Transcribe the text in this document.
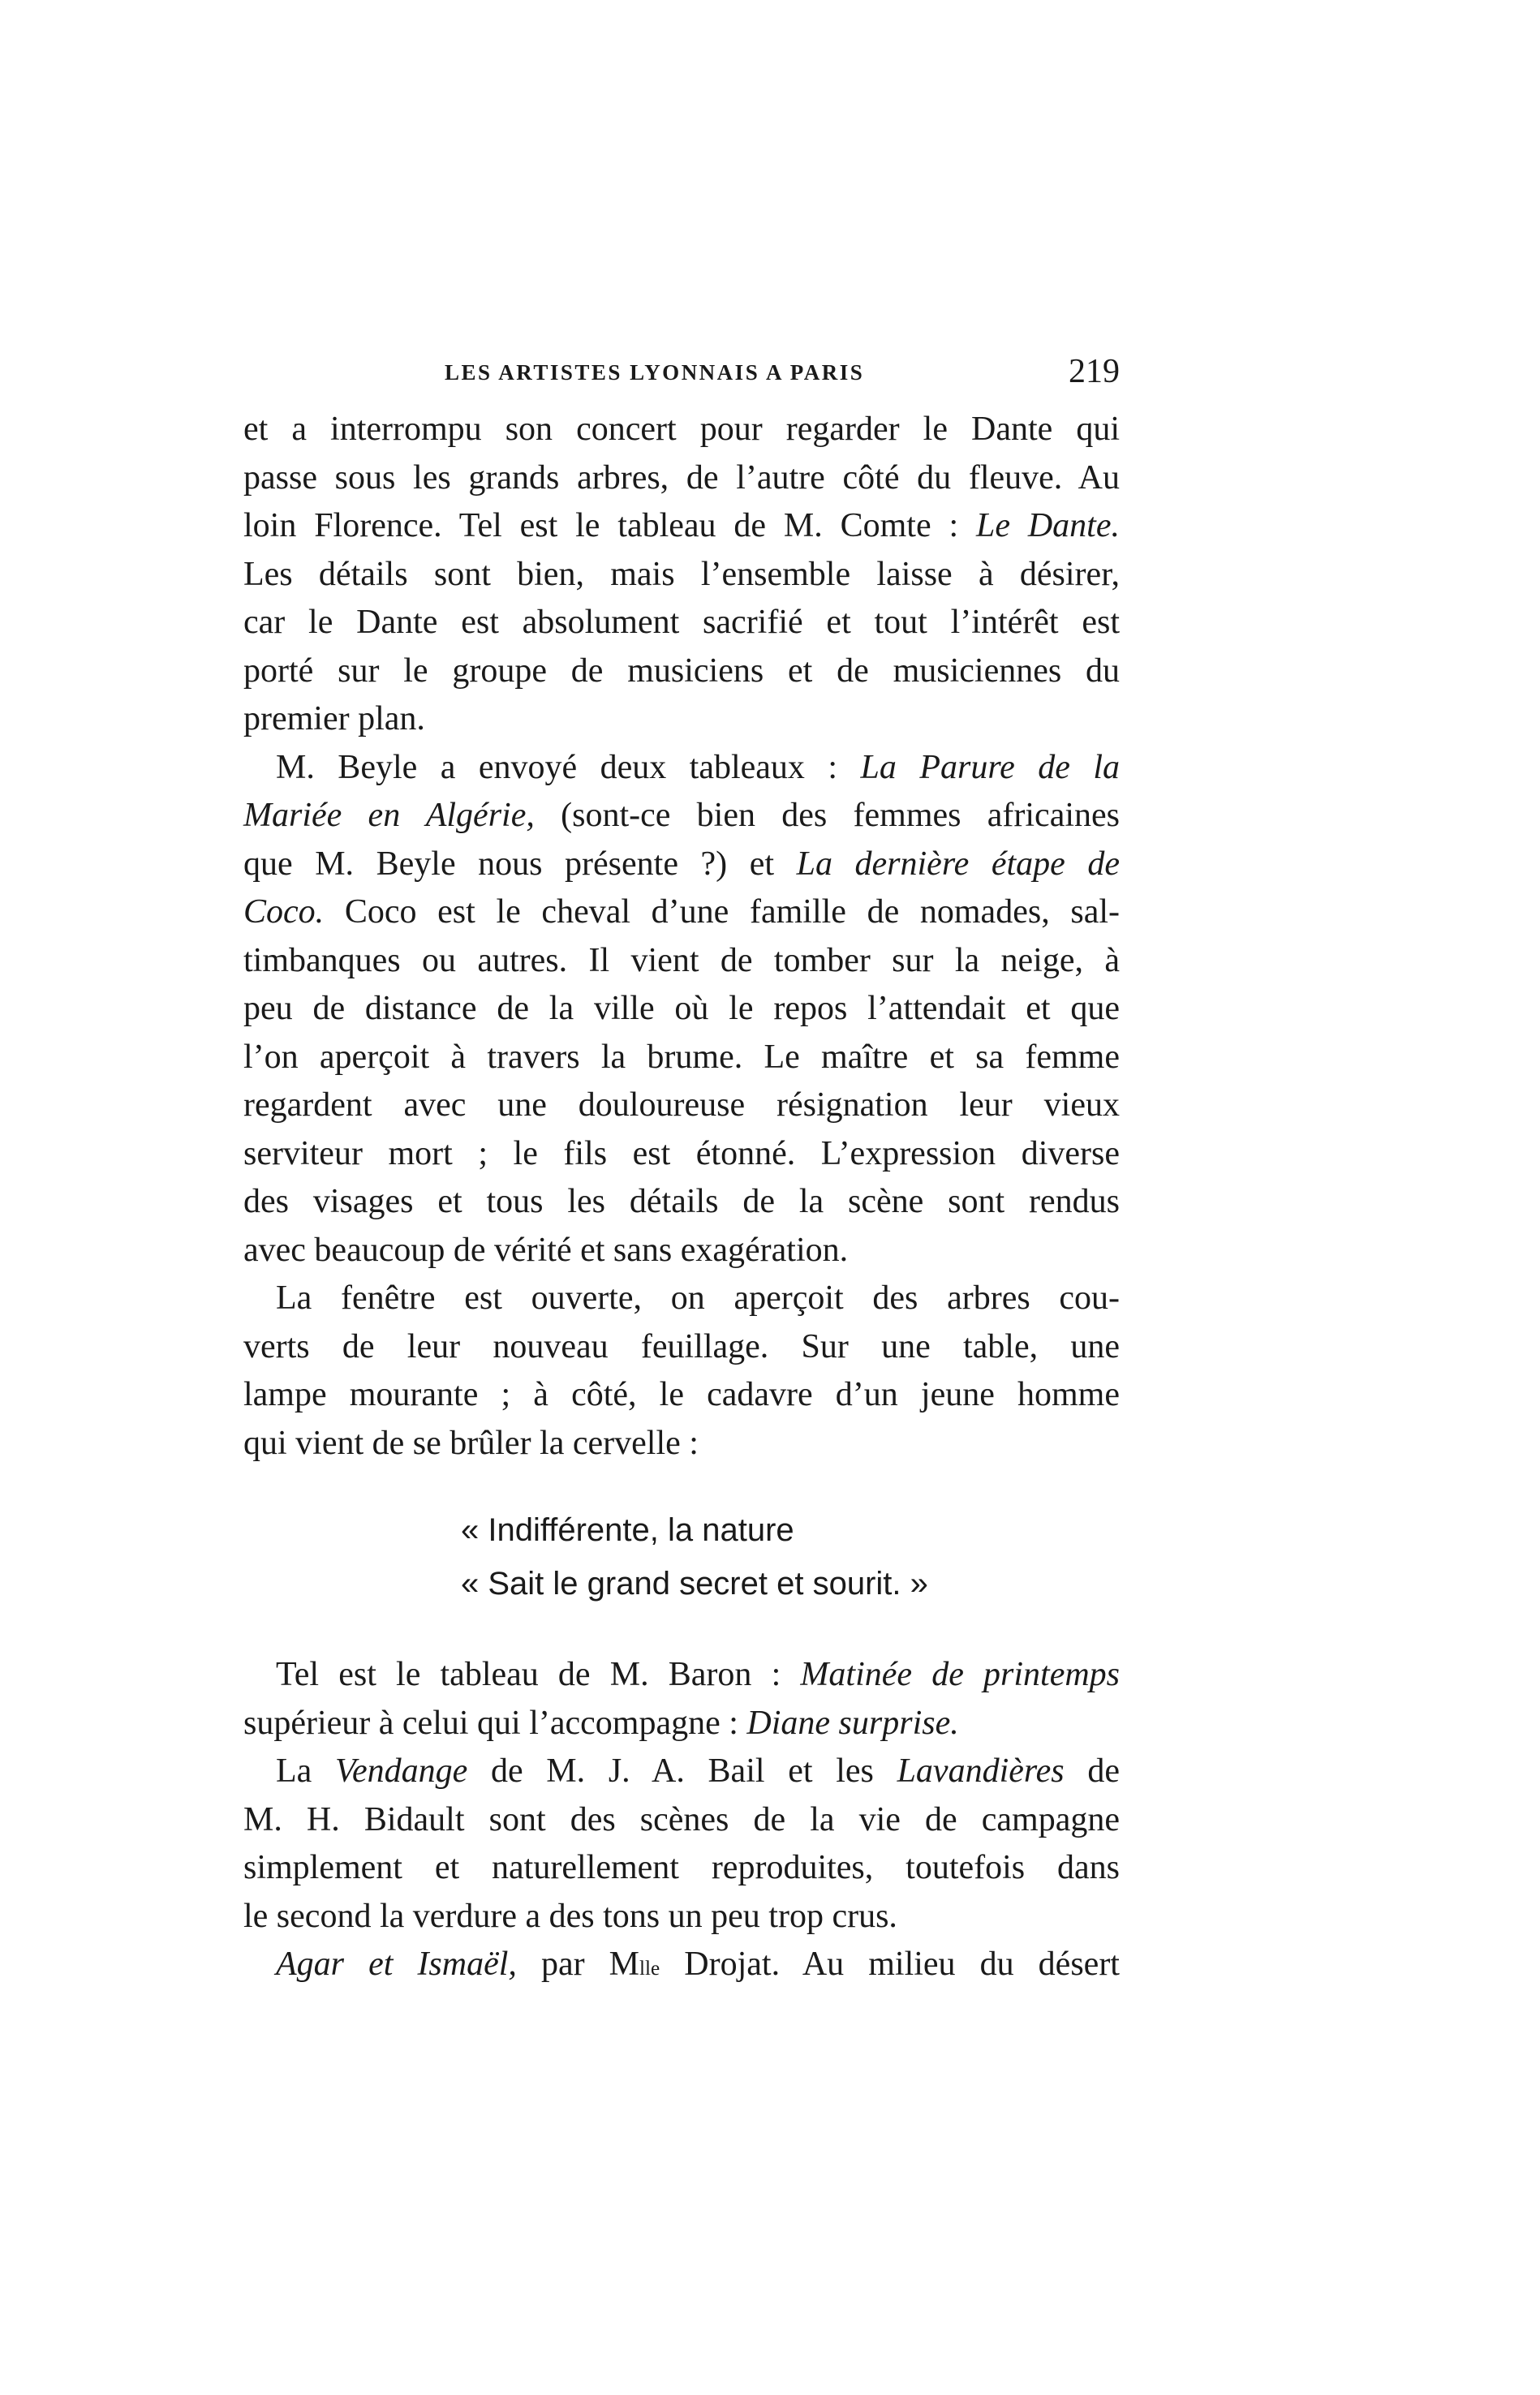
LES ARTISTES LYONNAIS A PARIS	219
et a interrompu son concert pour regarder le Dante qui
passe sous les grands arbres, de l’autre côté du fleuve. Au
loin Florence. Tel est le tableau de M. Comte : Le Dante.
Les détails sont bien, mais l’ensemble laisse à désirer,
car le Dante est absolument sacrifié et tout l’intérêt est
porté sur le groupe de musiciens et de musiciennes du
premier plan.
M. Beyle a envoyé deux tableaux : La Parure de la
Mariée en Algérie, (sont-ce bien des femmes africaines
que M. Beyle nous présente ?) et La dernière étape de
Coco. Coco est le cheval d’une famille de nomades, sal-
timbanques ou autres. Il vient de tomber sur la neige, à
peu de distance de la ville où le repos l’attendait et que
l’on aperçoit à travers la brume. Le maître et sa femme
regardent avec une douloureuse résignation leur vieux
serviteur mort ; le fils est étonné. L’expression diverse
des visages et tous les détails de la scène sont rendus
avec beaucoup de vérité et sans exagération.
La fenêtre est ouverte, on aperçoit des arbres cou-
verts de leur nouveau feuillage. Sur une table, une
lampe mourante ; à côté, le cadavre d’un jeune homme
qui vient de se brûler la cervelle :
« Indifférente, la nature
« Sait le grand secret et sourit. »
Tel est le tableau de M. Baron : Matinée de printemps
supérieur à celui qui l’accompagne : Diane surprise.
La Vendange de M. J. A. Bail et les Lavandières de
M. H. Bidault sont des scènes de la vie de campagne
simplement et naturellement reproduites, toutefois dans
le second la verdure a des tons un peu trop crus.
Agar et Ismaël, par $M^{lle}$ Drojat. Au milieu du désert
